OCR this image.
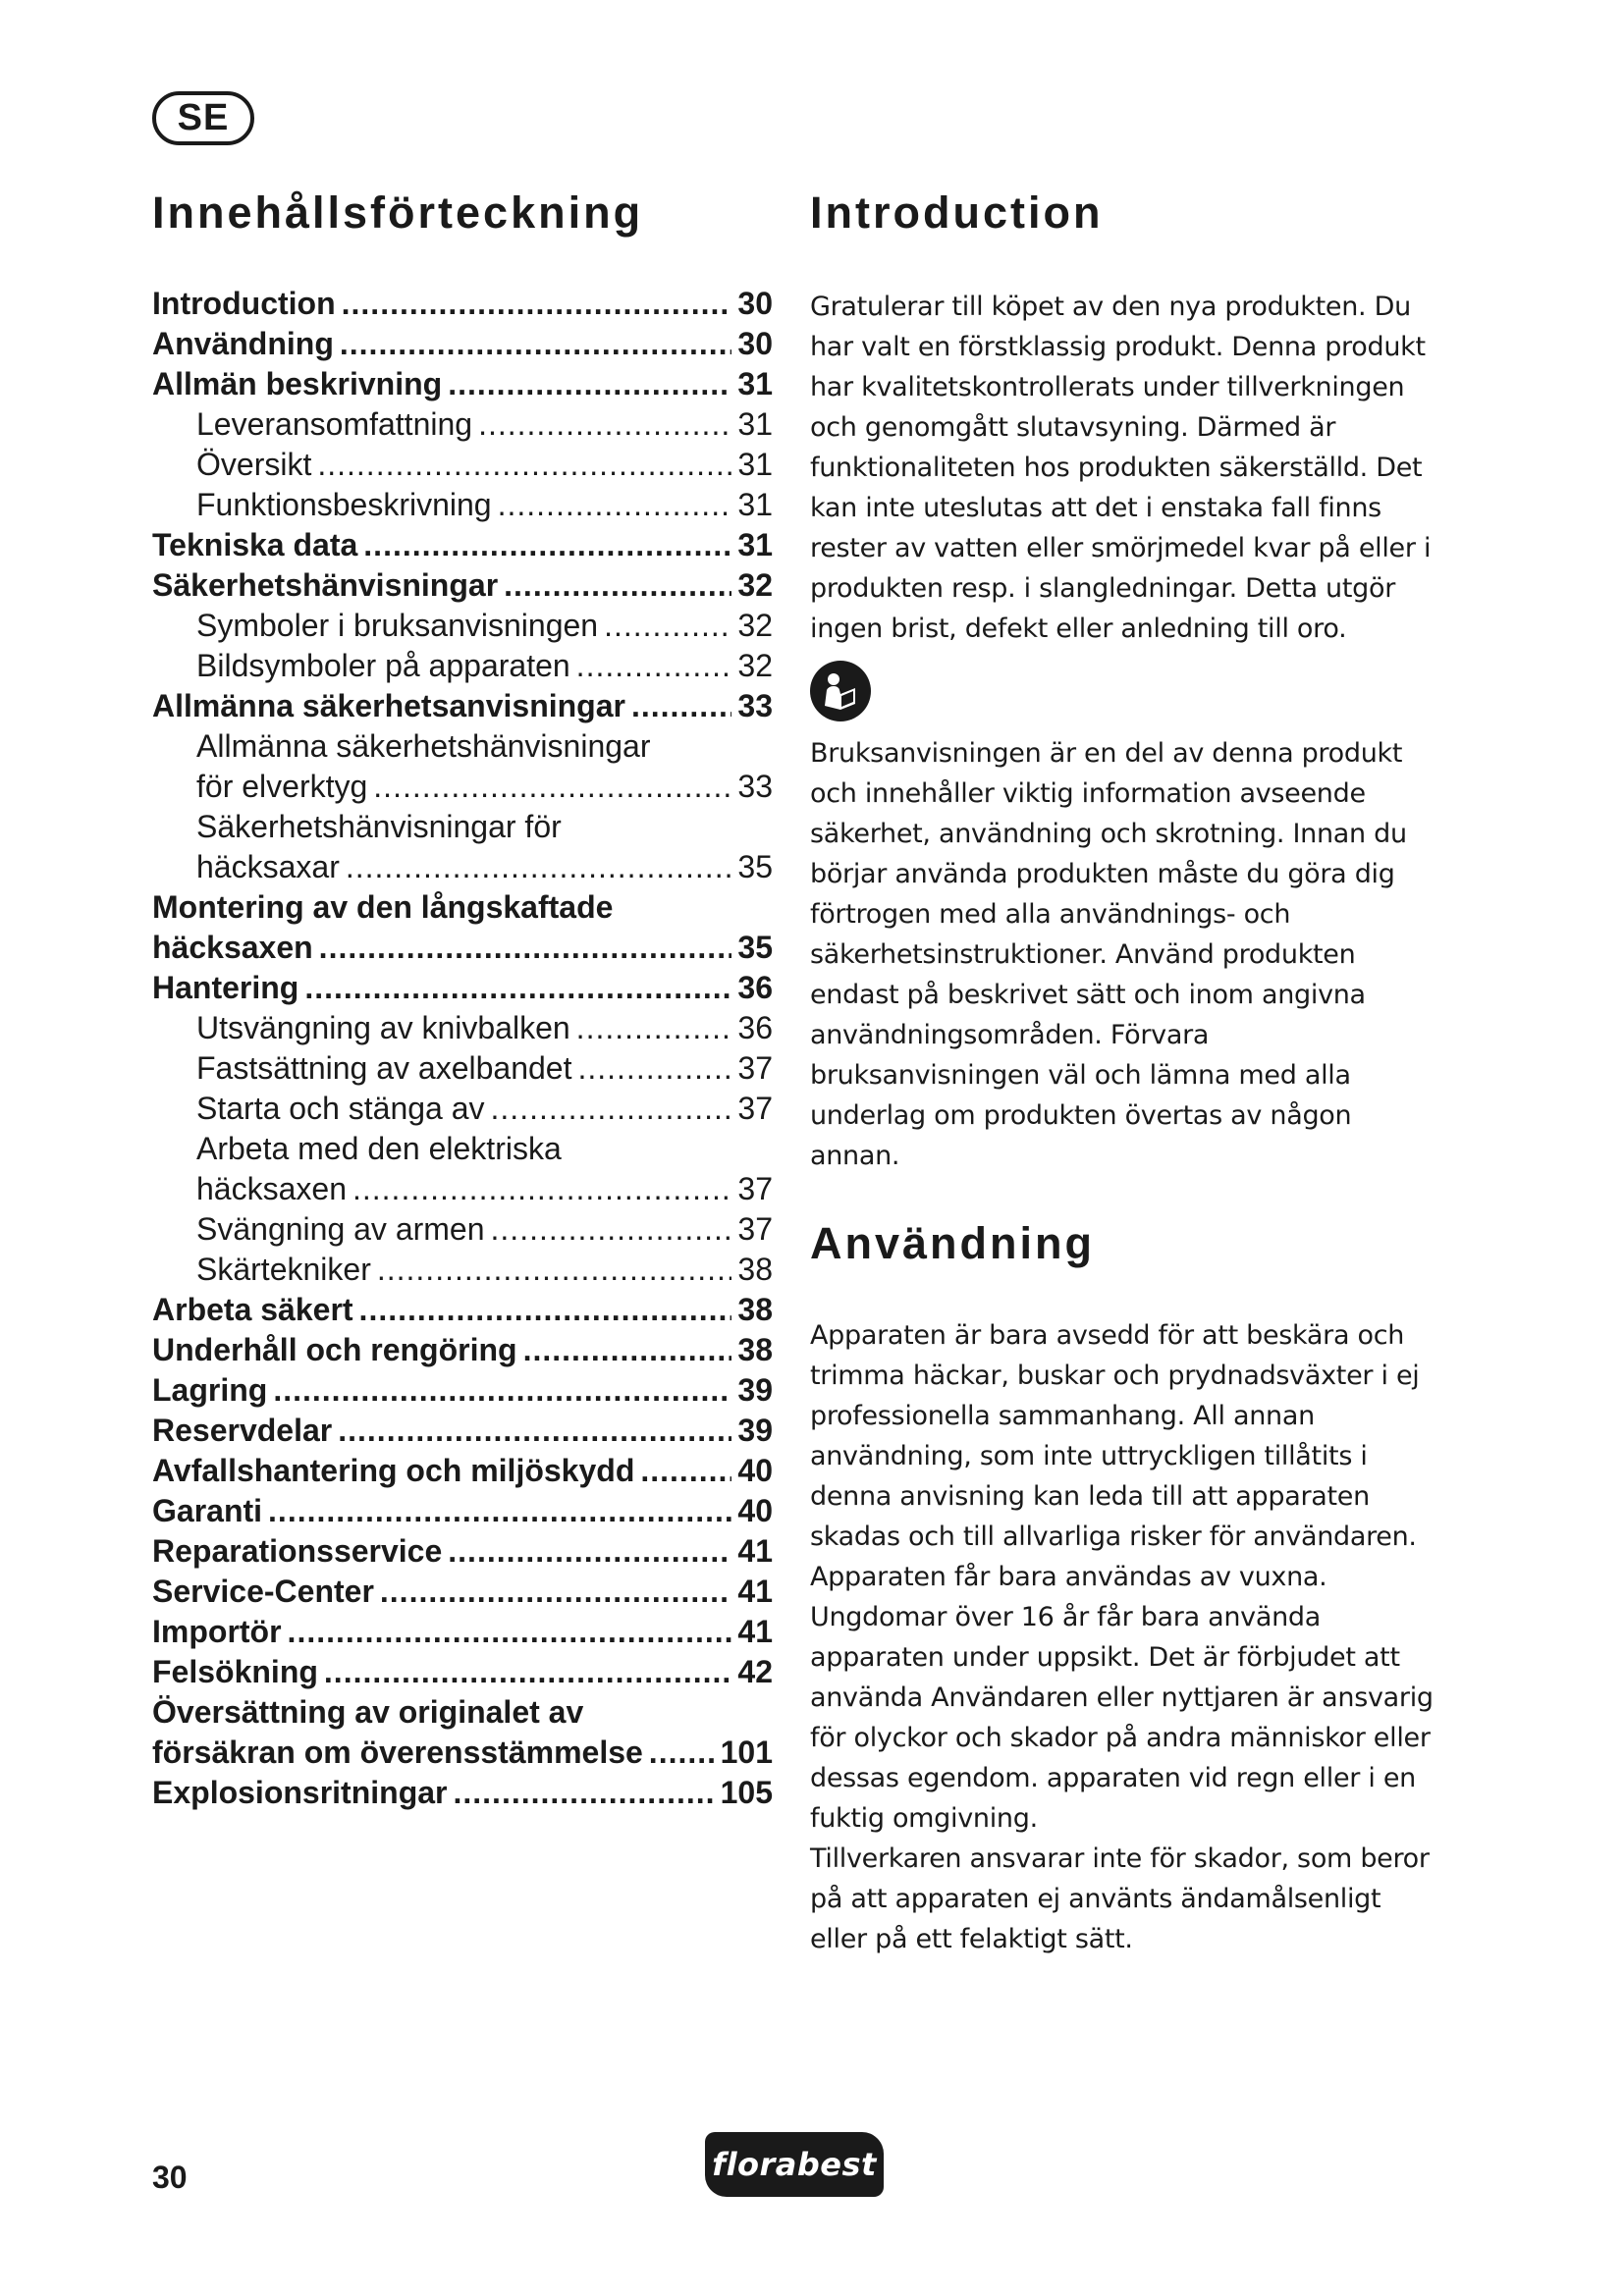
SE
Innehållsförteckning
Introduction .....	30
Användning .....	30
Allmän beskrivning .....	31
Leveransomfattning .....	31
Översikt .....	31
Funktionsbeskrivning .....	31
Tekniska data .....	31
Säkerhetshänvisningar .....	32
Symboler i bruksanvisningen .....	32
Bildsymboler på apparaten .....	32
Allmänna säkerhetsanvisningar .....	33
Allmänna säkerhetshänvisningar
för elverktyg .....	33
Säkerhetshänvisningar för
häcksaxar .....	35
Montering av den långskaftade
häcksaxen .....	35
Hantering .....	36
Utsvängning av knivbalken .....	36
Fastsättning av axelbandet .....	37
Starta och stänga av .....	37
Arbeta med den elektriska
häcksaxen .....	37
Svängning av armen .....	37
Skärtekniker .....	38
Arbeta säkert .....	38
Underhåll och rengöring .....	38
Lagring .....	39
Reservdelar .....	39
Avfallshantering och miljöskydd .....	40
Garanti .....	40
Reparationsservice .....	41
Service-Center .....	41
Importör .....	41
Felsökning .....	42
Översättning av originalet av
försäkran om överensstämmelse ..... 101
Explosionsritningar .....	105
Introduction

Gratulerar till köpet av den nya produkten. Du har valt en förstklassig produkt. Denna produkt har kvalitetskontrollerats under tillverkningen och genomgått slutavsyning. Därmed är funktionaliteten hos produkten säkerställd. Det kan inte uteslutas att det i enstaka fall finns rester av vatten eller smörjmedel kvar på eller i produkten resp. i slangledningar. Detta utgör ingen brist, defekt eller anledning till oro.

Bruksanvisningen är en del av denna produkt och innehåller viktig information avseende säkerhet, användning och skrotning. Innan du börjar använda produkten måste du göra dig förtrogen med alla användnings- och säkerhetsinstruktioner. Använd produkten endast på beskrivet sätt och inom angivna användningsområden. Förvara bruksanvisningen väl och lämna med alla underlag om produkten övertas av någon annan.

Användning

Apparaten är bara avsedd för att beskära och trimma häckar, buskar och prydnadsväxter i ej professionella sammanhang. All annan användning, som inte uttryckligen tillåtits i denna anvisning kan leda till att apparaten skadas och till allvarliga risker för användaren.

Apparaten får bara användas av vuxna. Ungdomar över 16 år får bara använda apparaten under uppsikt. Det är förbjudet att använda Användaren eller nyttjaren är ansvarig för olyckor och skador på andra människor eller dessas egendom. apparaten vid regn eller i en fuktig omgivning.

Tillverkaren ansvarar inte för skador, som beror på att apparaten ej använts ändamålsenligt eller på ett felaktigt sätt.

30	florabest
